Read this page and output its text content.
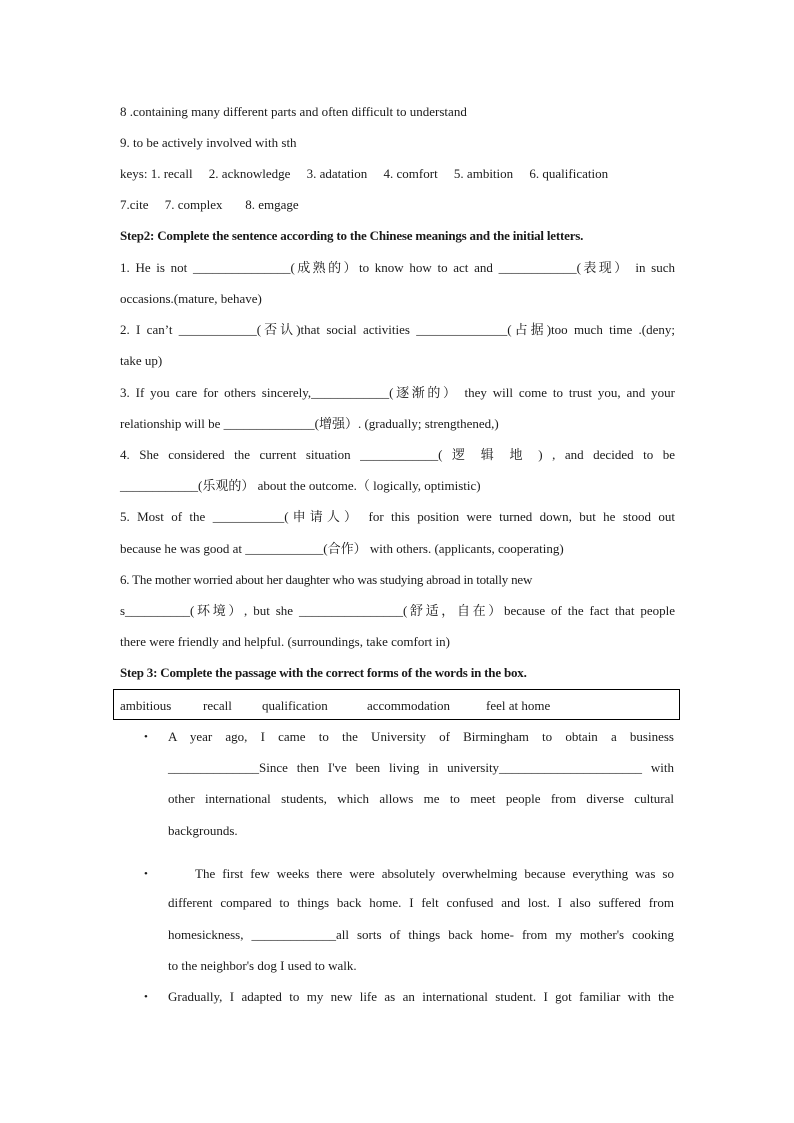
8 .containing many different parts and often difficult to understand
9. to be actively involved with sth
keys: 1. recall     2. acknowledge     3. adatation     4. comfort     5. ambition     6. qualification
7.cite     7. complex       8. emgage
Step2: Complete the sentence according to the Chinese meanings and the initial letters.
1. He is not _______________(成熟的）to know how to act and ____________(表现） in such
occasions.(mature, behave)
2. I can’t ____________(否认)that social activities ______________(占据)too much time .(deny;
take up)
3. If you care for others sincerely,____________(逐渐的） they will come to trust you, and your
relationship will be ______________(增强）. (gradually; strengthened,)
4. She considered the current situation ____________( 逻 辑 地 ) , and decided to be
____________(乐观的） about the outcome.（ logically, optimistic)
5. Most of the ___________(申请人） for this position were turned down, but he stood out
because he was good at ____________(合作） with others. (applicants, cooperating)
6. The mother worried about her daughter who was studying abroad in totally new
s__________(环境）, but she ________________(舒适，自在）because of the fact that people
there were friendly and helpful. (surroundings, take comfort in)
Step 3: Complete the passage with the correct forms of the words in the box.
ambitious recall qualification	accommodation	feel at home
• A year ago, I came to the University of Birmingham to obtain a business
______________Since then I've been living in university______________________ with
other international students, which allows me to meet people from diverse cultural
backgrounds.
•	The first few weeks there were absolutely overwhelming because everything was so
different compared to things back home. I felt confused and lost. I also suffered from
homesickness, _____________all sorts of things back home- from my mother's cooking
to the neighbor's dog I used to walk.
• Gradually, I adapted to my new life as an international student. I got familiar with the
